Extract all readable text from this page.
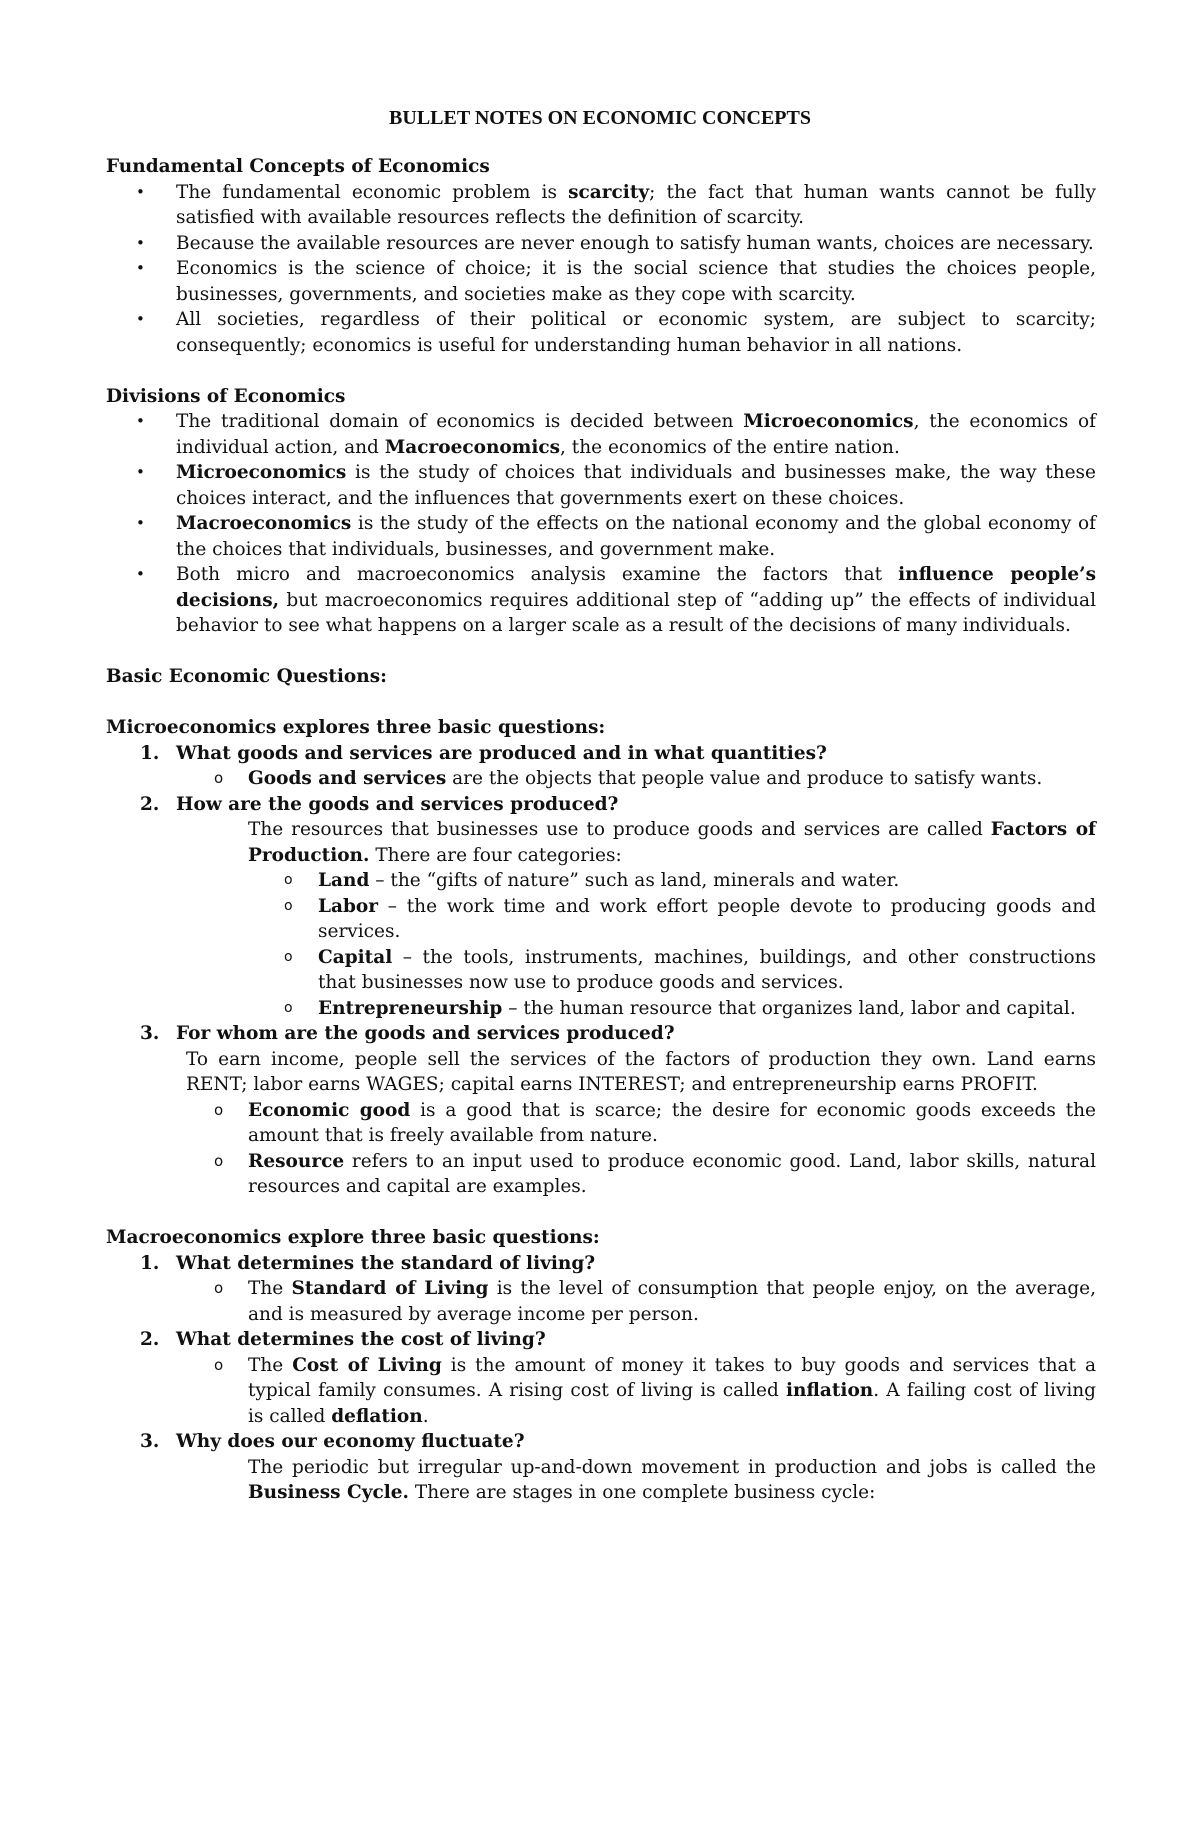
BULLET NOTES ON ECONOMIC CONCEPTS
Fundamental Concepts of Economics
• The fundamental economic problem is scarcity; the fact that human wants cannot be fully satisfied with available resources reflects the definition of scarcity.
• Because the available resources are never enough to satisfy human wants, choices are necessary.
• Economics is the science of choice; it is the social science that studies the choices people, businesses, governments, and societies make as they cope with scarcity.
• All societies, regardless of their political or economic system, are subject to scarcity; consequently; economics is useful for understanding human behavior in all nations.
Divisions of Economics
• The traditional domain of economics is decided between Microeconomics, the economics of individual action, and Macroeconomics, the economics of the entire nation.
• Microeconomics is the study of choices that individuals and businesses make, the way these choices interact, and the influences that governments exert on these choices.
• Macroeconomics is the study of the effects on the national economy and the global economy of the choices that individuals, businesses, and government make.
• Both micro and macroeconomics analysis examine the factors that influence people’s decisions, but macroeconomics requires additional step of “adding up” the effects of individual behavior to see what happens on a larger scale as a result of the decisions of many individuals.
Basic Economic Questions:
Microeconomics explores three basic questions:
1. What goods and services are produced and in what quantities?
o Goods and services are the objects that people value and produce to satisfy wants.
2. How are the goods and services produced?
The resources that businesses use to produce goods and services are called Factors of Production. There are four categories:
o Land – the “gifts of nature” such as land, minerals and water.
o Labor – the work time and work effort people devote to producing goods and services.
o Capital – the tools, instruments, machines, buildings, and other constructions that businesses now use to produce goods and services.
o Entrepreneurship – the human resource that organizes land, labor and capital.
3. For whom are the goods and services produced?
To earn income, people sell the services of the factors of production they own. Land earns RENT; labor earns WAGES; capital earns INTEREST; and entrepreneurship earns PROFIT.
o Economic good is a good that is scarce; the desire for economic goods exceeds the amount that is freely available from nature.
o Resource refers to an input used to produce economic good. Land, labor skills, natural resources and capital are examples.
Macroeconomics explore three basic questions:
1. What determines the standard of living?
o The Standard of Living is the level of consumption that people enjoy, on the average, and is measured by average income per person.
2. What determines the cost of living?
o The Cost of Living is the amount of money it takes to buy goods and services that a typical family consumes. A rising cost of living is called inflation. A failing cost of living is called deflation.
3. Why does our economy fluctuate?
The periodic but irregular up-and-down movement in production and jobs is called the Business Cycle. There are stages in one complete business cycle:
